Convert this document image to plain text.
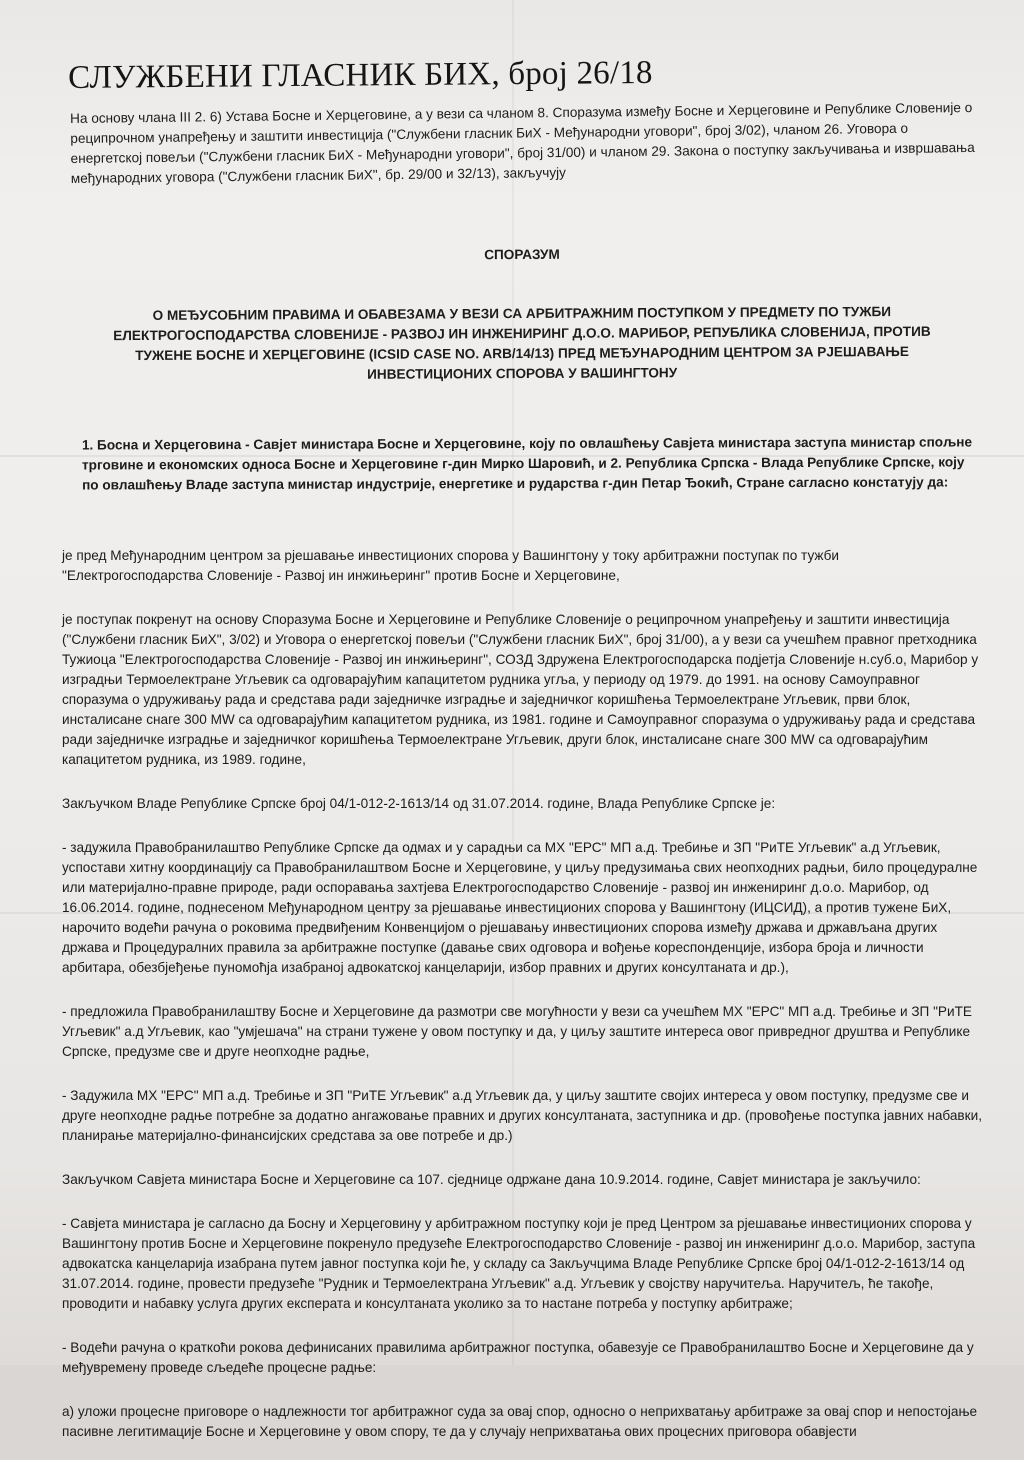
СЛУЖБЕНИ ГЛАСНИК БИХ, број 26/18

На основу члана III 2. 6) Устава Босне и Херцеговине, а у вези са чланом 8. Споразума између Босне и Херцеговине и Републике Словеније о реципрочном унапређењу и заштити инвестиција ("Службени гласник БиХ - Међународни уговори", број 3/02), чланом 26. Уговора о енергетској повељи ("Службени гласник БиХ - Међународни уговори", број 31/00) и чланом 29. Закона о поступку закључивања и извршавања међународних уговора ("Службени гласник БиХ", бр. 29/00 и 32/13), закључују

СПОРАЗУМ
О МЕЂУСОБНИМ ПРАВИМА И ОБАВЕЗАМА У ВЕЗИ СА АРБИТРАЖНИМ ПОСТУПКОМ У ПРЕДМЕТУ ПО ТУЖБИ ЕЛЕКТРОГОСПОДАРСТВА СЛОВЕНИЈЕ - РАЗВОЈ ИН ИНЖЕНИРИНГ Д.О.О. МАРИБОР, РЕПУБЛИКА СЛОВЕНИЈА, ПРОТИВ ТУЖЕНЕ БОСНЕ И ХЕРЦЕГОВИНЕ (ICSID CASE NO. ARB/14/13) ПРЕД МЕЂУНАРОДНИМ ЦЕНТРОМ ЗА РЈЕШАВАЊЕ ИНВЕСТИЦИОНИХ СПОРОВА У ВАШИНГТОНУ

1. Босна и Херцеговина - Савјет министара Босне и Херцеговине, коју по овлашћењу Савјета министара заступа министар спољне трговине и економских односа Босне и Херцеговине г-дин Мирко Шаровић, и 2. Република Српска - Влада Републике Српске, коју по овлашћењу Владе заступа министар индустрије, енергетике и рударства г-дин Петар Ђокић, Стране сагласно констатују да:

је пред Међународним центром за рјешавање инвестиционих спорова у Вашингтону у току арбитражни поступак по тужби "Електрогосподарства Словеније - Развој ин инжињеринг" против Босне и Херцеговине,

је поступак покренут на основу Споразума Босне и Херцеговине и Републике Словеније о реципрочном унапређењу и заштити инвестиција ("Службени гласник БиХ", 3/02) и Уговора о енергетској повељи ("Службени гласник БиХ", број 31/00), а у вези са учешћем правног претходника Тужиоца "Електрогосподарства Словеније - Развој ин инжињеринг", СОЗД Здружена Електрогосподарска подјетја Словеније н.суб.о, Марибор у изградњи Термоелектране Угљевик са одговарајућим капацитетом рудника угља, у периоду од 1979. до 1991. на основу Самоуправног споразума о удруживању рада и средстава ради заједничке изградње и заједничког коришћења Термоелектране Угљевик, први блок, инсталисане снаге 300 MW са одговарајућим капацитетом рудника, из 1981. године и Самоуправног споразума о удруживању рада и средстава ради заједничке изградње и заједничког коришћења Термоелектране Угљевик, други блок, инсталисане снаге 300 MW са одговарајућим капацитетом рудника, из 1989. године,

Закључком Владе Републике Српске број 04/1-012-2-1613/14 од 31.07.2014. године, Влада Републике Српске је:

- задужила Правобранилаштво Републике Српске да одмах и у сарадњи са МХ "ЕРС" МП а.д. Требиње и ЗП "РиТЕ Угљевик" а.д Угљевик, успостави хитну координацију са Правобранилаштвом Босне и Херцеговине, у циљу предузимања свих неопходних радњи, било процедуралне или материјално-правне природе, ради оспоравања захтјева Електрогосподарство Словеније - развој ин инжениринг д.о.о. Марибор, од 16.06.2014. године, поднесеном Међународном центру за рјешавање инвестиционих спорова у Вашингтону (ИЦСИД), а против тужене БиХ, нарочито водећи рачуна о роковима предвиђеним Конвенцијом о рјешавању инвестиционих спорова између држава и држављана других држава и Процедуралних правила за арбитражне поступке (давање свих одговора и вођење кореспонденције, избора броја и личности арбитара, обезбјеђење пуномоћја изабраној адвокатској канцеларији, избор правних и других консултаната и др.),

- предложила Правобранилаштву Босне и Херцеговине да размотри све могућности у вези са учешћем МХ "ЕРС" МП а.д. Требиње и ЗП "РиТЕ Угљевик" а.д Угљевик, као "умјешача" на страни тужене у овом поступку и да, у циљу заштите интереса овог привредног друштва и Републике Српске, предузме све и друге неопходне радње,

- Задужила МХ "ЕРС" МП а.д. Требиње и ЗП "РиТЕ Угљевик" а.д Угљевик да, у циљу заштите својих интереса у овом поступку, предузме све и друге неопходне радње потребне за додатно ангажовање правних и других консултаната, заступника и др. (провођење поступка јавних набавки, планирање материјално-финансијских средстава за ове потребе и др.)

Закључком Савјета министара Босне и Херцеговине са 107. сједнице одржане дана 10.9.2014. године, Савјет министара је закључило:

- Савјета министара је сагласно да Босну и Херцеговину у арбитражном поступку који је пред Центром за рјешавање инвестиционих спорова у Вашингтону против Босне и Херцеговине покренуло предузеће Електрогосподарство Словеније - развој ин инжениринг д.о.о. Марибор, заступа адвокатска канцеларија изабрана путем јавног поступка који ће, у складу са Закључцима Владе Републике Српске број 04/1-012-2-1613/14 од 31.07.2014. године, провести предузеће "Рудник и Термоелектрана Угљевик" а.д. Угљевик у својству наручитеља. Наручитељ, ће такође, проводити и набавку услуга других експерата и консултаната уколико за то настане потреба у поступку арбитраже;

- Водећи рачуна о краткоћи рокова дефинисаних правилима арбитражног поступка, обавезује се Правобранилаштво Босне и Херцеговине да у међувремену проведе сљедеће процесне радње:

а) уложи процесне приговоре о надлежности тог арбитражног суда за овај спор, односно о неприхватању арбитраже за овај спор и непостојање пасивне легитимације Босне и Херцеговине у овом спору, те да у случају неприхватања ових процесних приговора обавјести
